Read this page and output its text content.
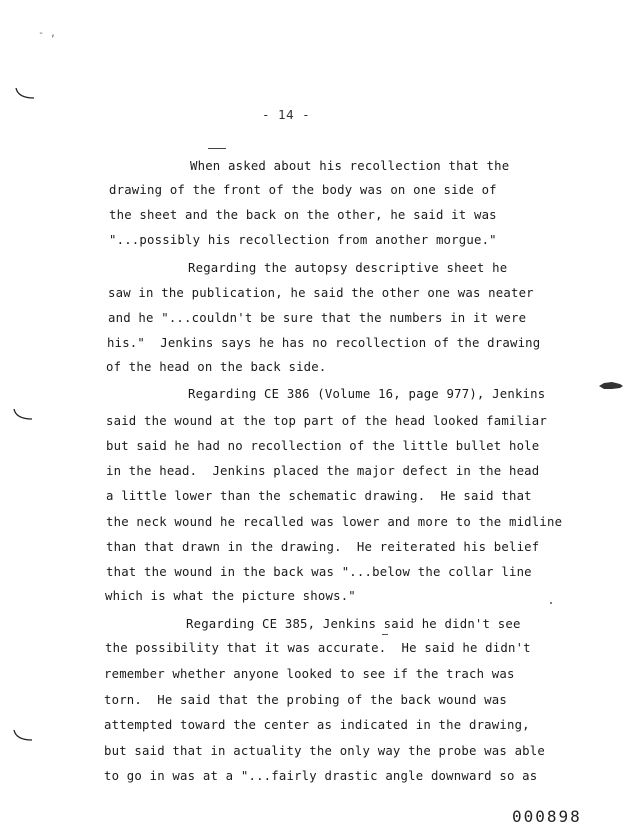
- ,
- 14 -
When asked about his recollection that the
drawing of the front of the body was on one side of
the sheet and the back on the other, he said it was
"...possibly his recollection from another morgue."
Regarding the autopsy descriptive sheet he
saw in the publication, he said the other one was neater
and he "...couldn't be sure that the numbers in it were
his."  Jenkins says he has no recollection of the drawing
of the head on the back side.
Regarding CE 386 (Volume 16, page 977), Jenkins
said the wound at the top part of the head looked familiar
but said he had no recollection of the little bullet hole
in the head.  Jenkins placed the major defect in the head
a little lower than the schematic drawing.  He said that
the neck wound he recalled was lower and more to the midline
than that drawn in the drawing.  He reiterated his belief
that the wound in the back was "...below the collar line
which is what the picture shows."
Regarding CE 385, Jenkins said he didn't see
the possibility that it was accurate.  He said he didn't
remember whether anyone looked to see if the trach was
torn.  He said that the probing of the back wound was
attempted toward the center as indicated in the drawing,
but said that in actuality the only way the probe was able
to go in was at a "...fairly drastic angle downward so as
000898
